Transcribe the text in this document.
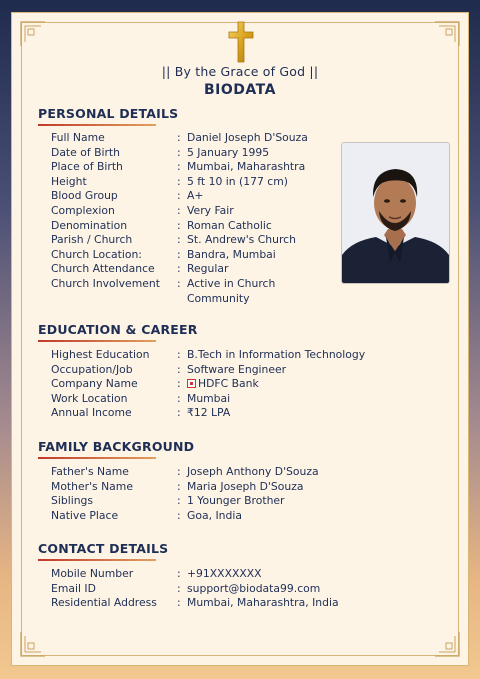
|| By the Grace of God ||
BIODATA
PERSONAL DETAILS
Full Name	: Daniel Joseph D'Souza
Date of Birth	: 5 January 1995
Place of Birth	: Mumbai, Maharashtra
Height	: 5 ft 10 in (177 cm)
Blood Group	: A+
Complexion	: Very Fair
Denomination	: Roman Catholic
Parish / Church	: St. Andrew's Church
Church Location:	: Bandra, Mumbai
Church Attendance : Regular
Church Involvement : Active in Church Community
EDUCATION & CAREER
Highest Education	: B.Tech in Information Technology
Occupation/Job	: Software Engineer
Company Name	:	HDFC Bank
Work Location	: Mumbai
Annual Income	: ₹12 LPA
FAMILY BACKGROUND
Father's Name	: Joseph Anthony D'Souza
Mother's Name	: Maria Joseph D'Souza
Siblings	: 1 Younger Brother
Native Place	: Goa, India
CONTACT DETAILS
Mobile Number	: +91XXXXXXX
Email ID	: support@biodata99.com
Residential Address : Mumbai, Maharashtra, India
